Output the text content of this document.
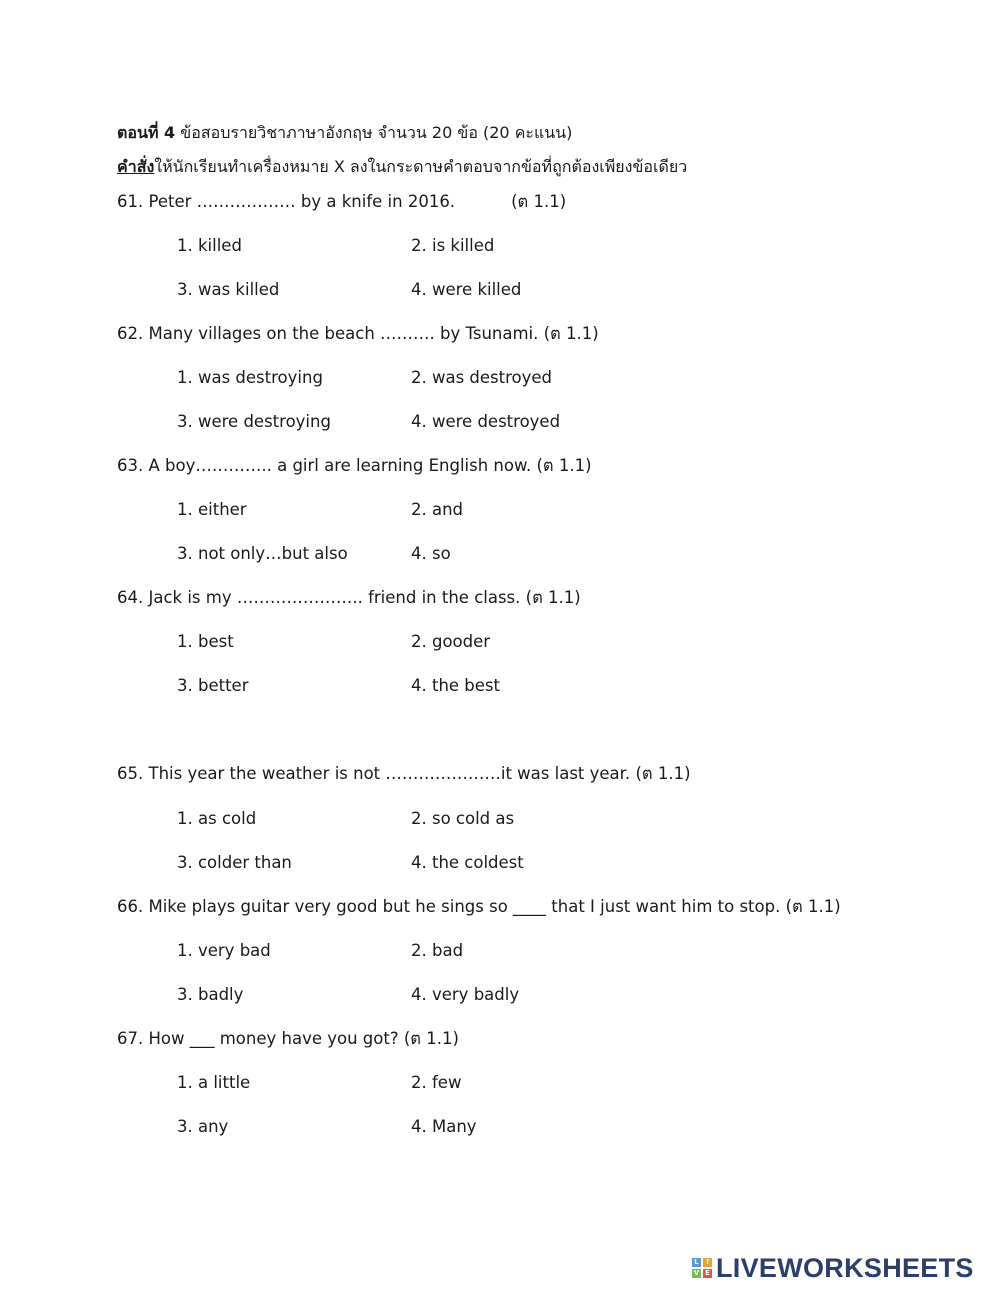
ตอนที่ 4 ข้อสอบรายวิชาภาษาอังกฤษ จำนวน 20 ข้อ (20 คะแนน)
คำสั่งให้นักเรียนทำเครื่องหมาย X ลงในกระดาษคำตอบจากข้อที่ถูกต้องเพียงข้อเดียว
61. Peter ……………… by a knife in 2016.	(ต 1.1)
1. killed	2. is killed
3. was killed	4. were killed
62. Many villages on the beach ………. by Tsunami. (ต 1.1)
1. was destroying	2. was destroyed
3. were destroying	4. were destroyed
63. A boy………….. a girl are learning English now. (ต 1.1)
1. either	2. and
3. not only…but also	4. so
64. Jack is my ………………….. friend in the class. (ต 1.1)
1. best	2. gooder
3. better	4. the best
65. This year the weather is not …………………it was last year. (ต 1.1)
1. as cold	2. so cold as
3. colder than	4. the coldest
66. Mike plays guitar very good but he sings so ____ that I just want him to stop. (ต 1.1)
1. very bad	2. bad
3. badly	4. very badly
67. How ___ money have you got? (ต 1.1)
1. a little	2. few
3. any	4. Many
L	I
V E LIVEWORKSHEETS
